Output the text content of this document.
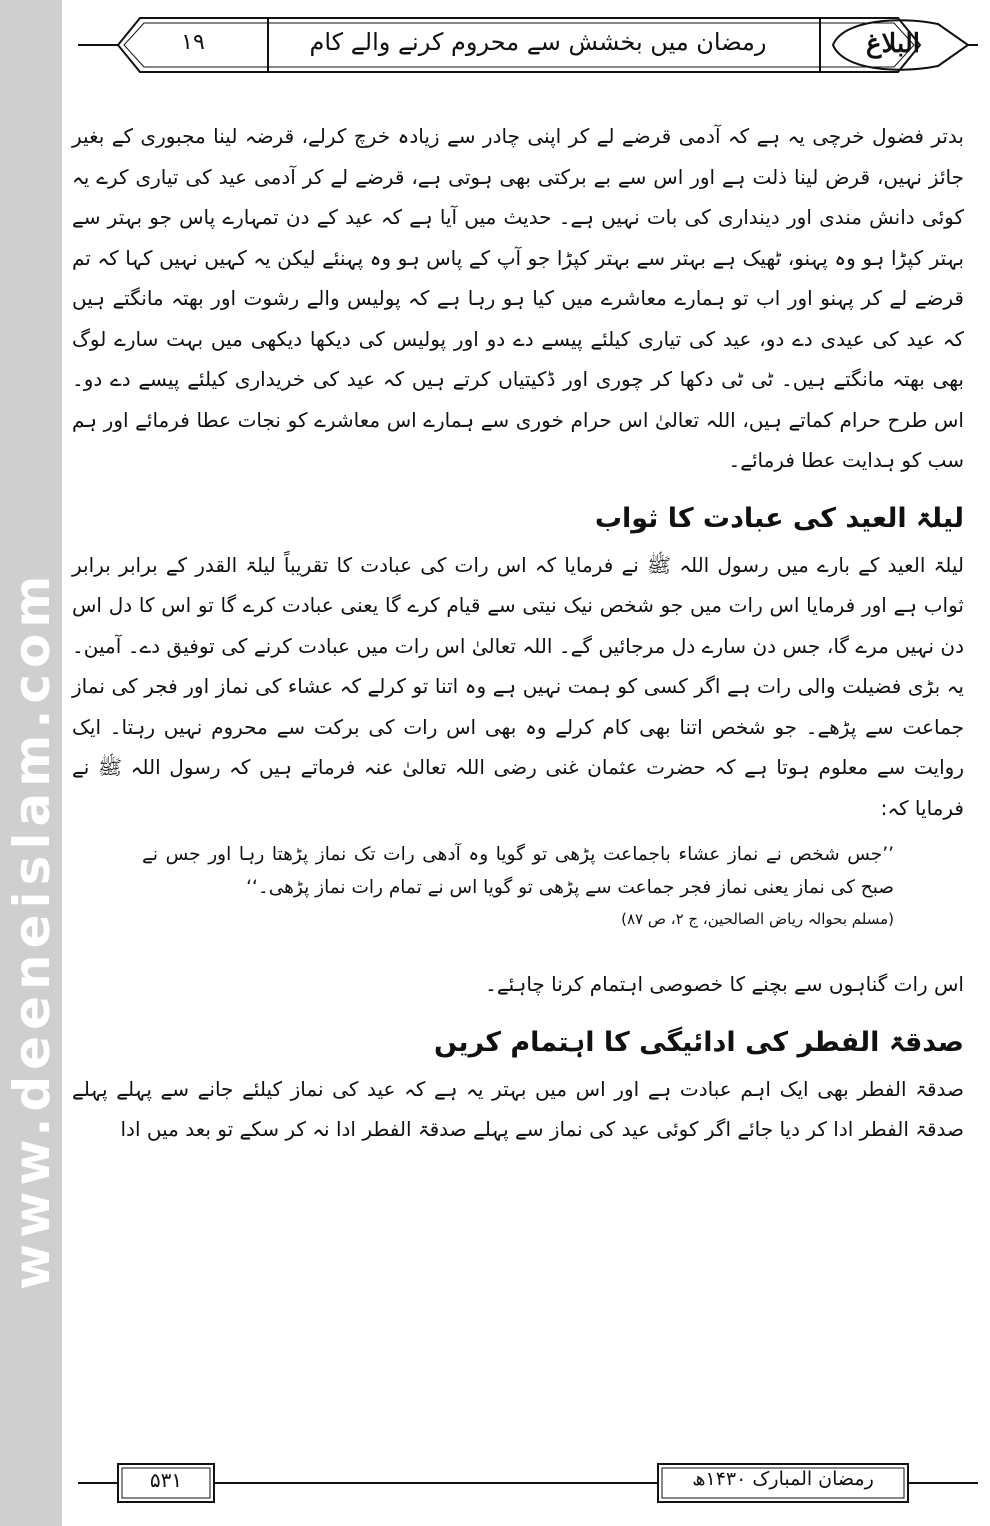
www.deeneislam.com
۱۹	رمضان میں بخشش سے محروم کرنے والے کام	البلاغ

بدتر فضول خرچی یہ ہے کہ آدمی قرضے لے کر اپنی چادر سے زیادہ خرچ کرلے، قرضہ لینا مجبوری کے بغیر جائز نہیں، قرض لینا ذلت ہے اور اس سے بے برکتی بھی ہوتی ہے، قرضے لے کر آدمی عید کی تیاری کرے یہ کوئی دانش مندی اور دینداری کی بات نہیں ہے۔ حدیث میں آیا ہے کہ عید کے دن تمہارے پاس جو بہتر سے بہتر کپڑا ہو وہ پہنو، ٹھیک ہے بہتر سے بہتر کپڑا جو آپ کے پاس ہو وہ پہنئے لیکن یہ کہیں نہیں کہا کہ تم قرضے لے کر پہنو اور اب تو ہمارے معاشرے میں کیا ہو رہا ہے کہ پولیس والے رشوت اور بھتہ مانگتے ہیں کہ عید کی عیدی دے دو، عید کی تیاری کیلئے پیسے دے دو اور پولیس کی دیکھا دیکھی میں بہت سارے لوگ بھی بھتہ مانگتے ہیں۔ ٹی ٹی دکھا کر چوری اور ڈکیتیاں کرتے ہیں کہ عید کی خریداری کیلئے پیسے دے دو۔ اس طرح حرام کماتے ہیں، اللہ تعالیٰ اس حرام خوری سے ہمارے اس معاشرے کو نجات عطا فرمائے اور ہم سب کو ہدایت عطا فرمائے۔

لیلۃ العید کی عبادت کا ثواب

لیلۃ العید کے بارے میں رسول اللہ ﷺ نے فرمایا کہ اس رات کی عبادت کا تقریباً لیلۃ القدر کے برابر برابر ثواب ہے اور فرمایا اس رات میں جو شخص نیک نیتی سے قیام کرے گا یعنی عبادت کرے گا تو اس کا دل اس دن نہیں مرے گا، جس دن سارے دل مرجائیں گے۔ اللہ تعالیٰ اس رات میں عبادت کرنے کی توفیق دے۔ آمین۔ یہ بڑی فضیلت والی رات ہے اگر کسی کو ہمت نہیں ہے وہ اتنا تو کرلے کہ عشاء کی نماز اور فجر کی نماز جماعت سے پڑھے۔ جو شخص اتنا بھی کام کرلے وہ بھی اس رات کی برکت سے محروم نہیں رہتا۔ ایک روایت سے معلوم ہوتا ہے کہ حضرت عثمان غنی رضی اللہ تعالیٰ عنہ فرماتے ہیں کہ رسول اللہ ﷺ نے فرمایا کہ:

’’جس شخص نے نماز عشاء باجماعت پڑھی تو گویا وہ آدھی رات تک نماز پڑھتا رہا اور جس نے صبح کی نماز یعنی نماز فجر جماعت سے پڑھی تو گویا اس نے تمام رات نماز پڑھی۔‘‘

(مسلم بحوالہ ریاض الصالحین، ج ۲، ص ۸۷)

اس رات گناہوں سے بچنے کا خصوصی اہتمام کرنا چاہئے۔

صدقۃ الفطر کی ادائیگی کا اہتمام کریں

صدقۃ الفطر بھی ایک اہم عبادت ہے اور اس میں بہتر یہ ہے کہ عید کی نماز کیلئے جانے سے پہلے پہلے صدقۃ الفطر ادا کر دیا جائے اگر کوئی عید کی نماز سے پہلے صدقۃ الفطر ادا نہ کر سکے تو بعد میں ادا

۵۳۱	رمضان المبارک ۱۴۳۰ھ
